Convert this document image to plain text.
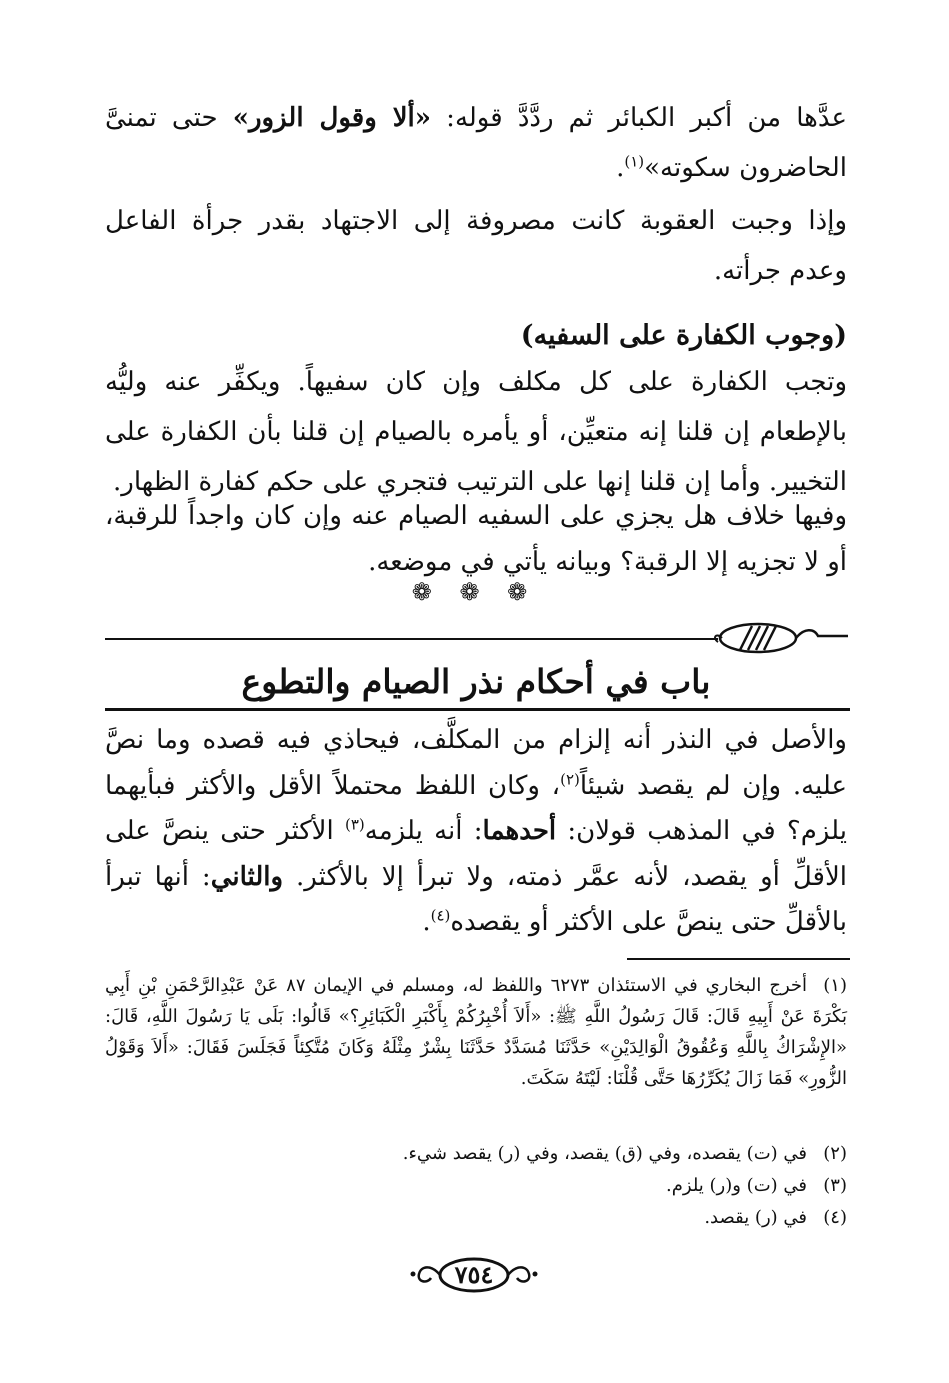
عدَّها من أكبر الكبائر ثم ردَّدَّ قوله: «ألا وقول الزور» حتى تمنىَّ الحاضرون سكوته»$^{(١)}$.
وإذا وجبت العقوبة كانت مصروفة إلى الاجتهاد بقدر جرأة الفاعل وعدم جرأته.
(وجوب الكفارة على السفيه)
وتجب الكفارة على كل مكلف وإن كان سفيهاً. ويكفِّر عنه وليُّه بالإطعام إن قلنا إنه متعيِّن، أو يأمره بالصيام إن قلنا بأن الكفارة على التخيير. وأما إن قلنا إنها على الترتيب فتجري على حكم كفارة الظهار.
وفيها خلاف هل يجزي على السفيه الصيام عنه وإن كان واجداً للرقبة، أو لا تجزيه إلا الرقبة؟ وبيانه يأتي في موضعه.
❁ ❁ ❁
باب في أحكام نذر الصيام والتطوع
والأصل في النذر أنه إلزام من المكلَّف، فيحاذي فيه قصده وما نصَّ عليه. وإن لم يقصد شيئاً$^{(٢)}$، وكان اللفظ محتملاً الأقل والأكثر فبأيهما يلزم؟ في المذهب قولان: أحدهما: أنه يلزمه$^{(٣)}$ الأكثر حتى ينصَّ على الأقلِّ أو يقصد، لأنه عمَّر ذمته، ولا تبرأ إلا بالأكثر. والثاني: أنها تبرأ بالأقلِّ حتى ينصَّ على الأكثر أو يقصده$^{(٤)}$.
(١)أخرج البخاري في الاستئذان ٦٢٧٣ واللفظ له، ومسلم في الإيمان ٨٧ عَنْ عَبْدِالرَّحْمَنِ بْنِ أَبِي بَكْرَةَ عَنْ أَبِيهِ قَالَ: قَالَ رَسُولُ اللَّهِ ﷺ: «أَلاَ أُخْبِرُكُمْ بِأَكْبَرِ الْكَبَائِرِ؟» قَالُوا: بَلَى يَا رَسُولَ اللَّهِ، قَالَ: «الإِشْرَاكُ بِاللَّهِ وَعُقُوقُ الْوَالِدَيْنِ» حَدَّثَنَا مُسَدَّدٌ حَدَّثَنَا بِشْرٌ مِثْلَهُ وَكَانَ مُتَّكِئاً فَجَلَسَ فَقَالَ: «أَلاَ وَقَوْلُ الزُّورِ» فَمَا زَالَ يُكَرِّرُهَا حَتَّى قُلْنَا: لَيْتَهُ سَكَتَ.
(٢)في (ت) يقصده، وفي (ق) يقصد، وفي (ر) يقصد شيء.
(٣)في (ت) و(ر) يلزم.
(٤)في (ر) يقصد.
٧٥٤
